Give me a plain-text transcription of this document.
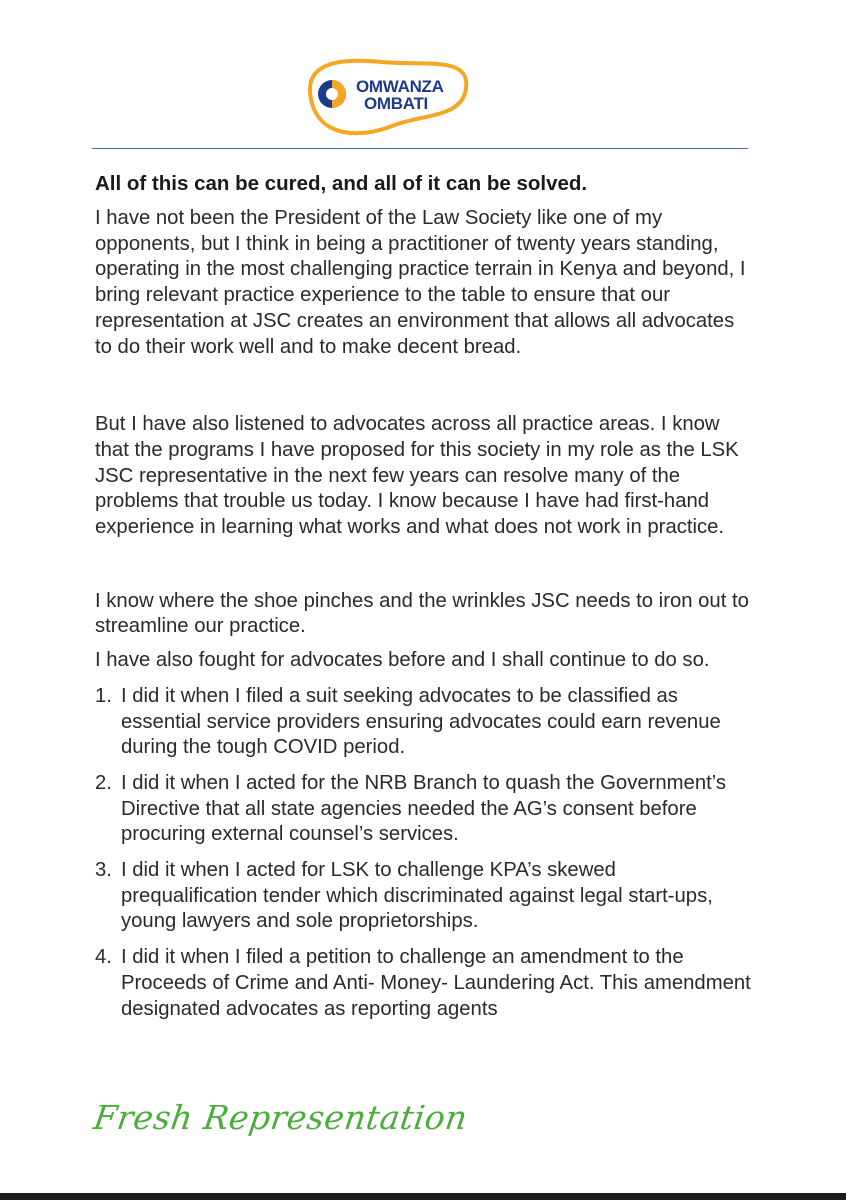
OMWANZA
OMBATI
All of this can be cured, and all of it can be solved.

I have not been the President of the Law Society like one of my opponents, but I think in being a practitioner of twenty years standing, operating in the most challenging practice terrain in Kenya and beyond, I bring relevant practice experience to the table to ensure that our representation at JSC creates an environment that allows all advocates to do their work well and to make decent bread.

But I have also listened to advocates across all practice areas. I know that the programs I have proposed for this society in my role as the LSK JSC representative in the next few years can resolve many of the problems that trouble us today. I know because I have had first-hand experience in learning what works and what does not work in practice.

I know where the shoe pinches and the wrinkles JSC needs to iron out to streamline our practice.

I have also fought for advocates before and I shall continue to do so.

1. I did it when I filed a suit seeking advocates to be classified as essential service providers ensuring advocates could earn revenue during the tough COVID period.
2. I did it when I acted for the NRB Branch to quash the Government’s Directive that all state agencies needed the AG’s consent before procuring external counsel’s services.
3. I did it when I acted for LSK to challenge KPA’s skewed prequalification tender which discriminated against legal start-ups, young lawyers and sole proprietorships.
4. I did it when I filed a petition to challenge an amendment to the Proceeds of Crime and Anti- Money- Laundering Act. This amendment designated advocates as reporting agents
Fresh Representation
